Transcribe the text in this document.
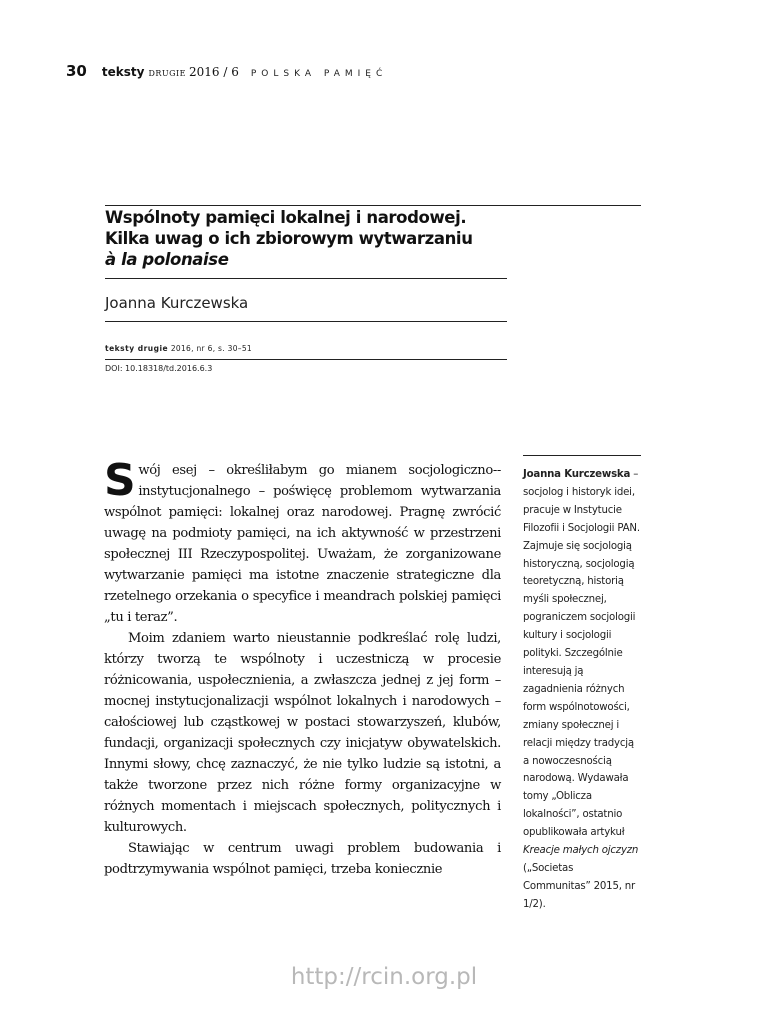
30 teksty drugie 2016 / 6 POLSKA PAMIĘĆ
Wspólnoty pamięci lokalnej i narodowej.
Kilka uwag o ich zbiorowym wytwarzaniu
à la polonaise
Joanna Kurczewska
teksty drugie 2016, nr 6, s. 30–51
DOI: 10.18318/td.2016.6.3

Swój esej – określiłabym go mianem socjologiczno--instytucjonalnego – poświęcę problemom wytwarzania wspólnot pamięci: lokalnej oraz narodowej. Pragnę zwrócić uwagę na podmioty pamięci, na ich aktywność w przestrzeni społecznej III Rzeczypospolitej. Uważam, że zorganizowane wytwarzanie pamięci ma istotne znaczenie strategiczne dla rzetelnego orzekania o specyfice i meandrach polskiej pamięci „tu i teraz”.

Moim zdaniem warto nieustannie podkreślać rolę ludzi, którzy tworzą te wspólnoty i uczestniczą w procesie różnicowania, uspołecznienia, a zwłaszcza jednej z jej form – mocnej instytucjonalizacji wspólnot lokalnych i narodowych – całościowej lub cząstkowej w postaci stowarzyszeń, klubów, fundacji, organizacji społecznych czy inicjatyw obywatelskich. Innymi słowy, chcę zaznaczyć, że nie tylko ludzie są istotni, a także tworzone przez nich różne formy organizacyjne w różnych momentach i miejscach społecznych, politycznych i kulturowych.

Stawiając w centrum uwagi problem budowania i podtrzymywania wspólnot pamięci, trzeba koniecznie

Joanna Kurczewska – socjolog i historyk idei, pracuje w Instytucie Filozofii i Socjologii PAN. Zajmuje się socjologią historyczną, socjologią teoretyczną, historią myśli społecznej, pograniczem socjologii kultury i socjologii polityki. Szczególnie interesują ją zagadnienia różnych form wspólnotowości, zmiany społecznej i relacji między tradycją a nowoczesnością narodową. Wydawała tomy „Oblicza lokalności”, ostatnio opublikowała artykuł Kreacje małych ojczyzn („Societas Communitas” 2015, nr 1/2).

http://rcin.org.pl
